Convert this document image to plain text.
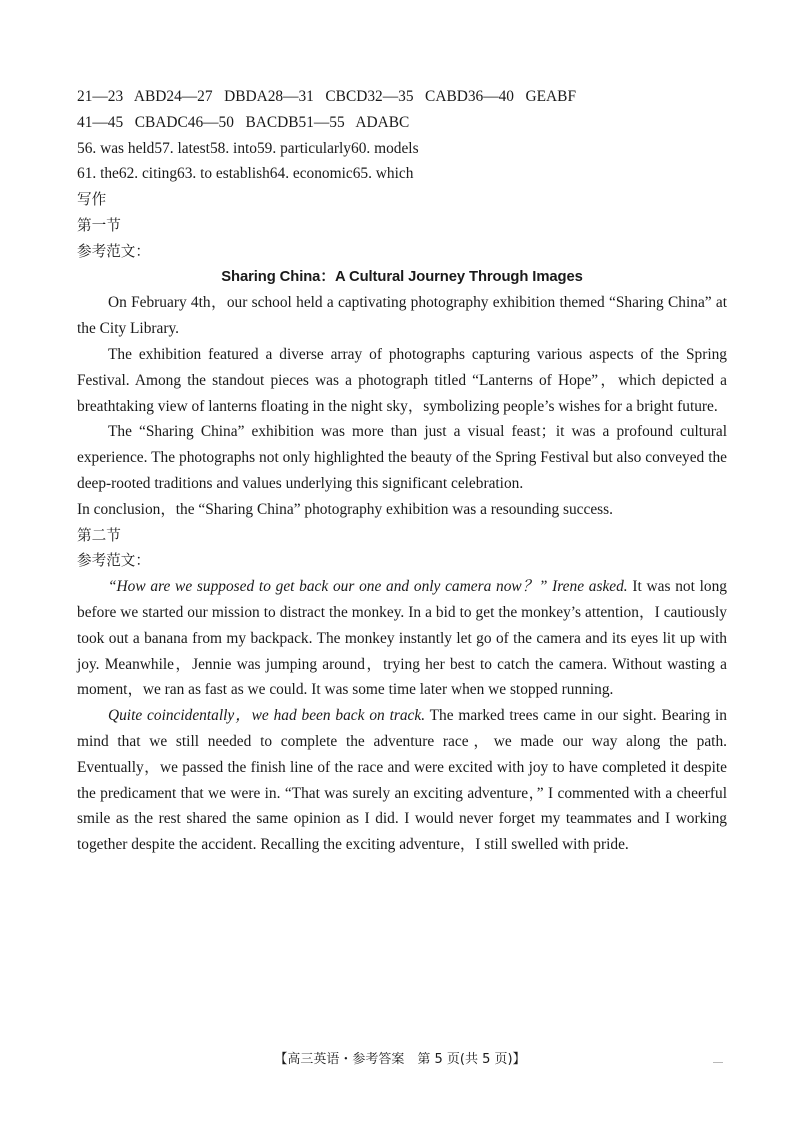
21—23  ABD24—27  DBDA28—31  CBCD32—35  CABD36—40  GEABF
41—45  CBADC46—50  BACDB51—55  ADABC
56. was held57. latest58. into59. particularly60. models
61. the62. citing63. to establish64. economic65. which
写作
第一节
参考范文：
Sharing China：A Cultural Journey Through Images

On February 4th，our school held a captivating photography exhibition themed “Sharing China” at the City Library.

The exhibition featured a diverse array of photographs capturing various aspects of the Spring Festival. Among the standout pieces was a photograph titled “Lanterns of Hope”，which depicted a breathtaking view of lanterns floating in the night sky，symbolizing people’s wishes for a bright future.

The “Sharing China” exhibition was more than just a visual feast；it was a profound cultural experience. The photographs not only highlighted the beauty of the Spring Festival but also conveyed the deep-rooted traditions and values underlying this significant celebration.

In conclusion，the “Sharing China” photography exhibition was a resounding success.
第二节
参考范文：

“How are we supposed to get back our one and only camera now？” Irene asked. It was not long before we started our mission to distract the monkey. In a bid to get the monkey’s attention，I cautiously took out a banana from my backpack. The monkey instantly let go of the camera and its eyes lit up with joy. Meanwhile，Jennie was jumping around，trying her best to catch the camera. Without wasting a moment，we ran as fast as we could. It was some time later when we stopped running.

Quite coincidentally，we had been back on track. The marked trees came in our sight. Bearing in mind that we still needed to complete the adventure race，we made our way along the path. Eventually，we passed the finish line of the race and were excited with joy to have completed it despite the predicament that we were in. “That was surely an exciting adventure，” I commented with a cheerful smile as the rest shared the same opinion as I did. I would never forget my teammates and I working together despite the accident. Recalling the exciting adventure，I still swelled with pride.

【高三英语・参考答案　第 5 页(共 5 页)】
